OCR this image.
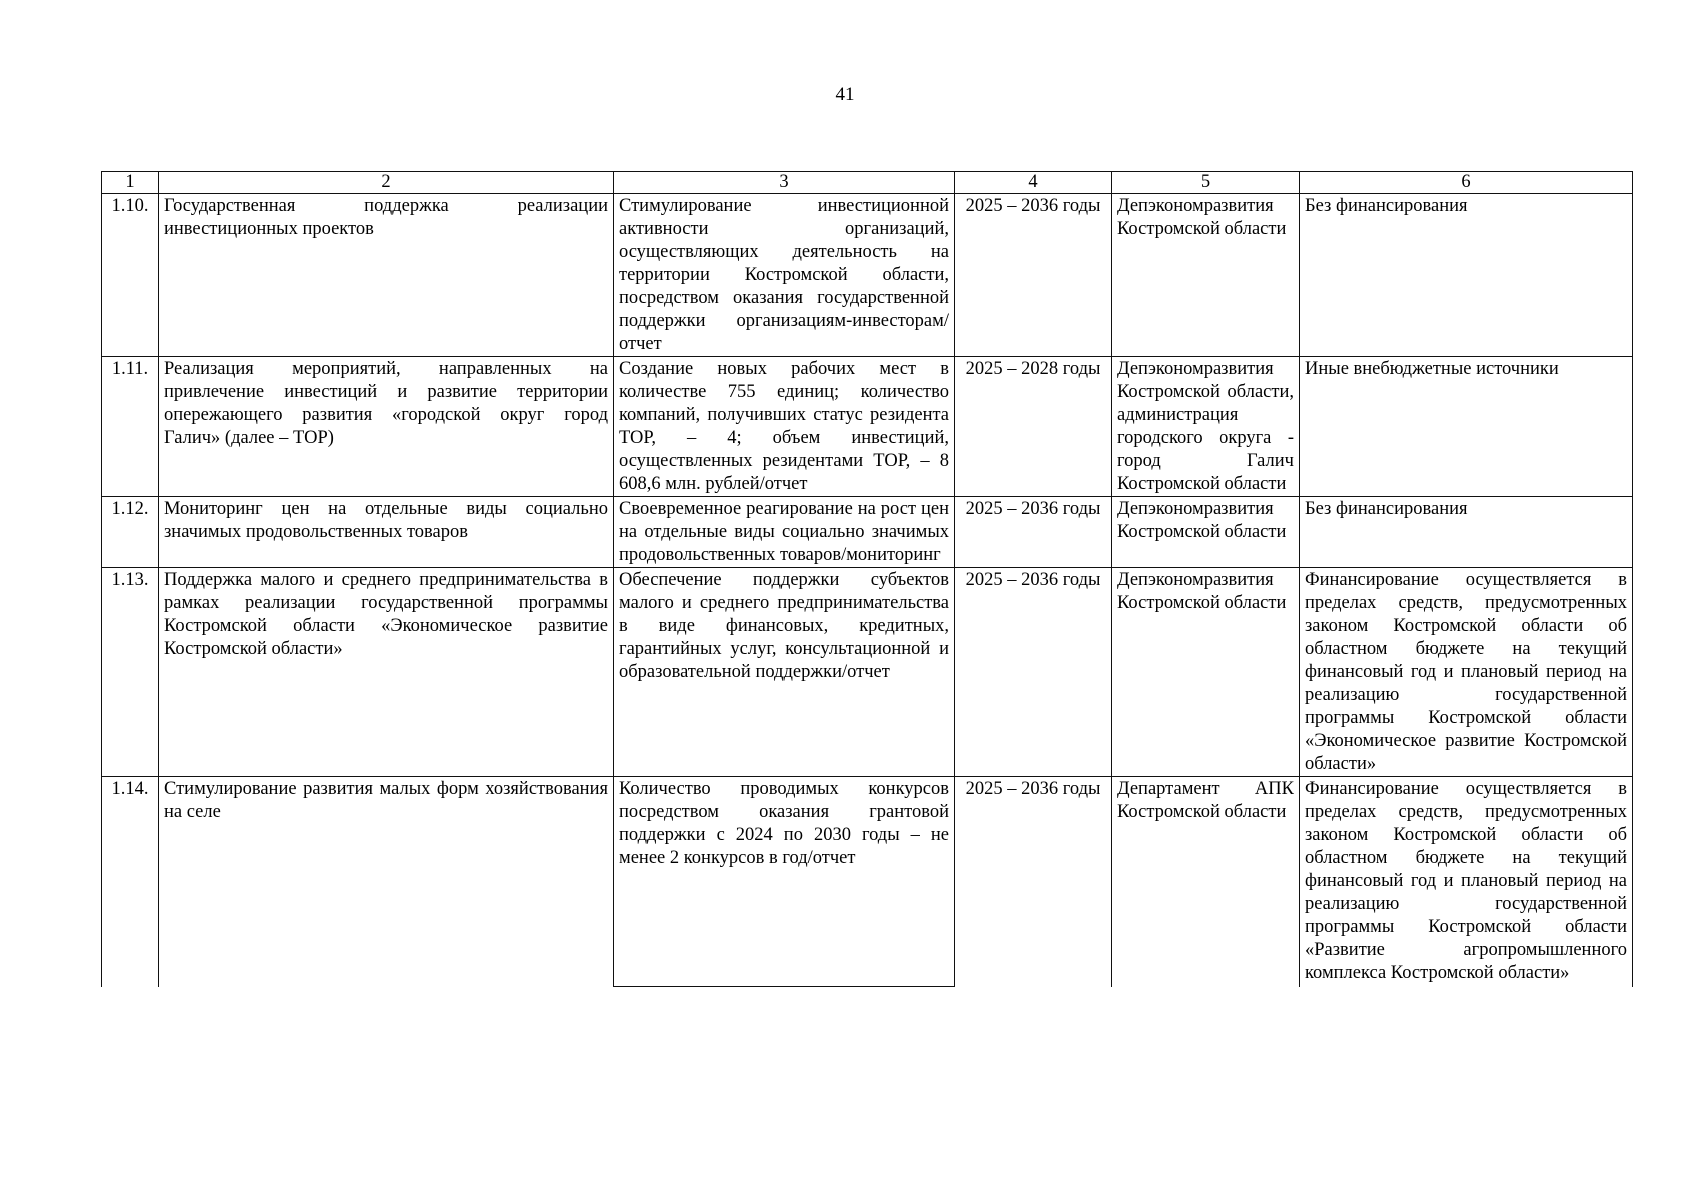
41
1	2	3	4	5	6
1.10.	Государственная поддержка реализации инвестиционных проектов	Стимулирование инвестиционной активности организаций, осуществляющих деятельность на территории Костромской области, посредством оказания государственной поддержки организациям-инвесторам/отчет	2025 – 2036 годы	Депэкономразвития Костромской области	Без финансирования
1.11.	Реализация мероприятий, направленных на привлечение инвестиций и развитие территории опережающего развития «городской округ город Галич» (далее – ТОР)	Создание новых рабочих мест в количестве 755 единиц; количество компаний, получивших статус резидента ТОР, – 4; объем инвестиций, осуществленных резидентами ТОР, – 8 608,6 млн. рублей/отчет	2025 – 2028 годы	Депэкономразвития Костромской области, администрация городского округа - город Галич Костромской области	Иные внебюджетные источники
1.12.	Мониторинг цен на отдельные виды социально значимых продовольственных товаров	Своевременное реагирование на рост цен на отдельные виды социально значимых продовольственных товаров/мониторинг	2025 – 2036 годы	Депэкономразвития Костромской области	Без финансирования
1.13.	Поддержка малого и среднего предпринимательства в рамках реализации государственной программы Костромской области «Экономическое развитие Костромской области»	Обеспечение поддержки субъектов малого и среднего предпринимательства в виде финансовых, кредитных, гарантийных услуг, консультационной и образовательной поддержки/отчет	2025 – 2036 годы	Депэкономразвития Костромской области	Финансирование осуществляется в пределах средств, предусмотренных законом Костромской области об областном бюджете на текущий финансовый год и плановый период на реализацию государственной программы Костромской области «Экономическое развитие Костромской области»
1.14.	Стимулирование развития малых форм хозяйствования на селе	Количество проводимых конкурсов посредством оказания грантовой поддержки с 2024 по 2030 годы – не менее 2 конкурсов в год/отчет	2025 – 2036 годы	Департамент АПК Костромской области	Финансирование осуществляется в пределах средств, предусмотренных законом Костромской области об областном бюджете на текущий финансовый год и плановый период на реализацию государственной программы Костромской области «Развитие агропромышленного комплекса Костромской области»
